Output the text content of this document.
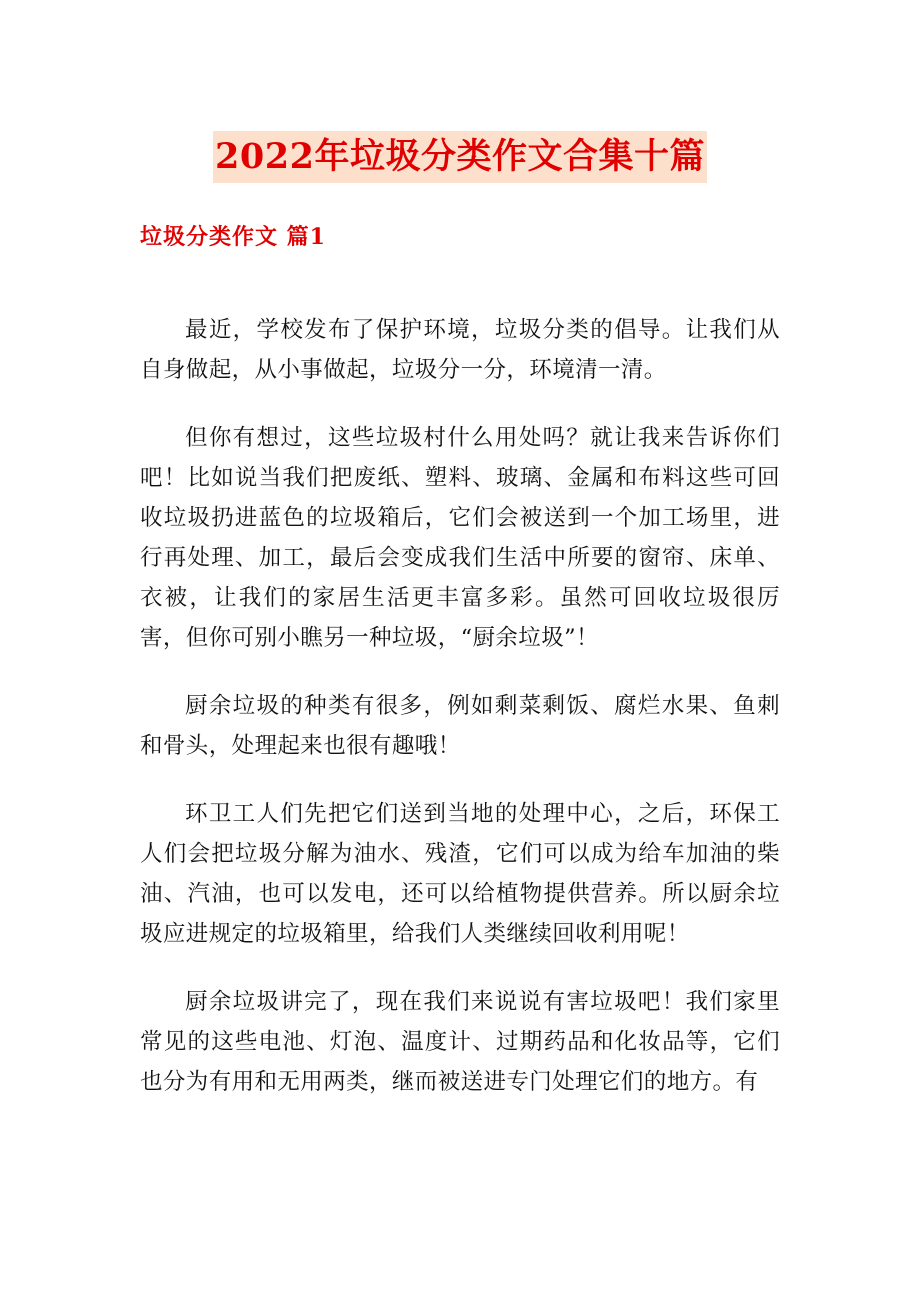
2022年垃圾分类作文合集十篇
垃圾分类作文 篇1

最近，学校发布了保护环境，垃圾分类的倡导。让我们从自身做起，从小事做起，垃圾分一分，环境清一清。

但你有想过，这些垃圾村什么用处吗？就让我来告诉你们吧！比如说当我们把废纸、塑料、玻璃、金属和布料这些可回收垃圾扔进蓝色的垃圾箱后，它们会被送到一个加工场里，进行再处理、加工，最后会变成我们生活中所要的窗帘、床单、衣被，让我们的家居生活更丰富多彩。虽然可回收垃圾很厉害，但你可别小瞧另一种垃圾，“厨余垃圾”！

厨余垃圾的种类有很多，例如剩菜剩饭、腐烂水果、鱼刺和骨头，处理起来也很有趣哦！

环卫工人们先把它们送到当地的处理中心，之后，环保工人们会把垃圾分解为油水、残渣，它们可以成为给车加油的柴油、汽油，也可以发电，还可以给植物提供营养。所以厨余垃圾应进规定的垃圾箱里，给我们人类继续回收利用呢！

厨余垃圾讲完了，现在我们来说说有害垃圾吧！我们家里常见的这些电池、灯泡、温度计、过期药品和化妆品等，它们也分为有用和无用两类，继而被送进专门处理它们的地方。有
